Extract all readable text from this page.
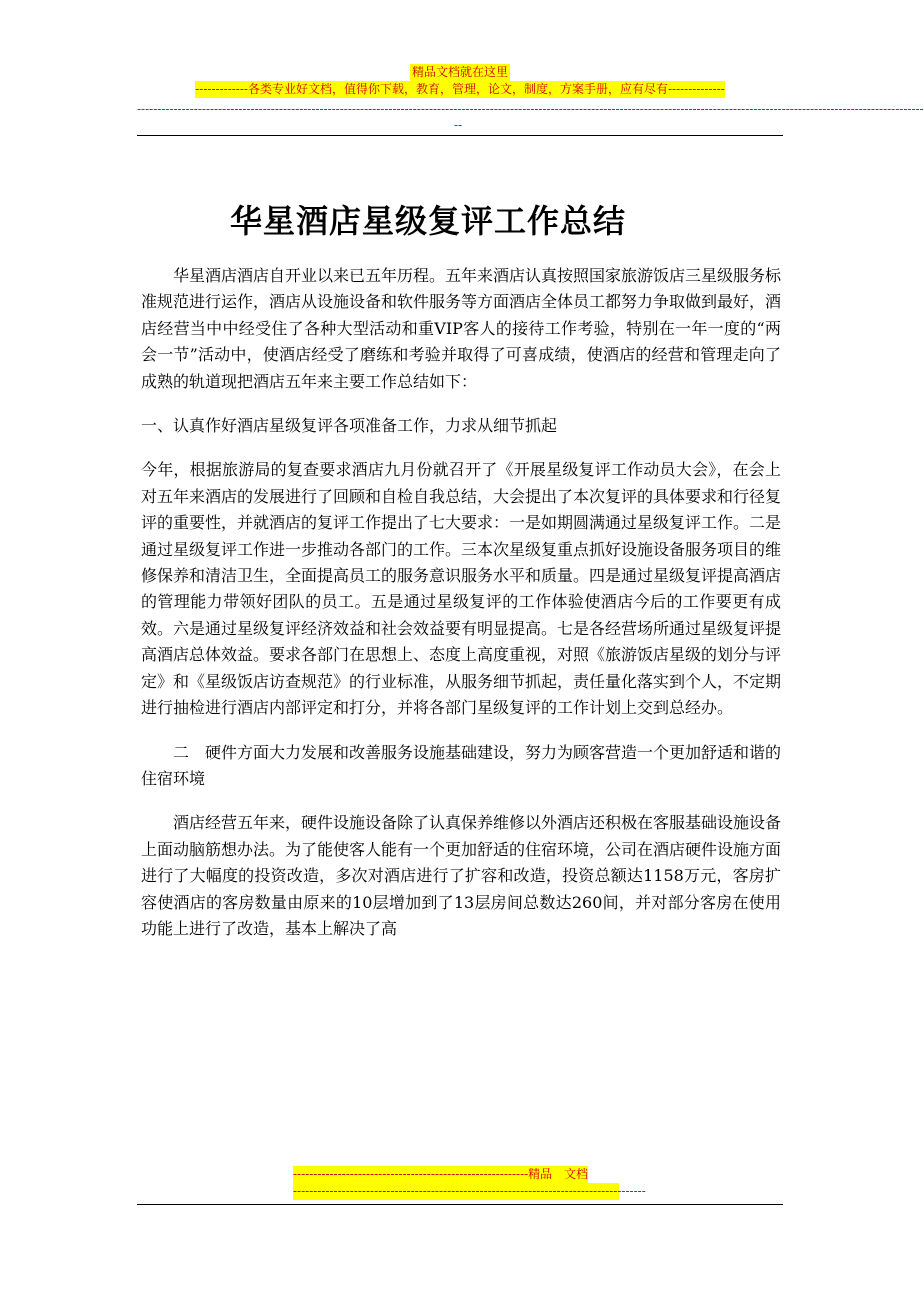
精品文档就在这里
-------------各类专业好文档，值得你下载，教育，管理，论文，制度，方案手册，应有尽有--------------
--------------------------------------------------------------------------------------------------------------------------------------------------------------------------------------------------
--
华星酒店星级复评工作总结

华星酒店酒店自开业以来已五年历程。五年来酒店认真按照国家旅游饭店三星级服务标准规范进行运作，酒店从设施设备和软件服务等方面酒店全体员工都努力争取做到最好，酒店经营当中中经受住了各种大型活动和重VIP客人的接待工作考验，特别在一年一度的“两会一节”活动中，使酒店经受了磨练和考验并取得了可喜成绩，使酒店的经营和管理走向了成熟的轨道现把酒店五年来主要工作总结如下：

一、认真作好酒店星级复评各项准备工作，力求从细节抓起

今年，根据旅游局的复查要求酒店九月份就召开了《开展星级复评工作动员大会》，在会上对五年来酒店的发展进行了回顾和自检自我总结，大会提出了本次复评的具体要求和行径复评的重要性，并就酒店的复评工作提出了七大要求：一是如期圆满通过星级复评工作。二是通过星级复评工作进一步推动各部门的工作。三本次星级复重点抓好设施设备服务项目的维修保养和清洁卫生，全面提高员工的服务意识服务水平和质量。四是通过星级复评提高酒店的管理能力带领好团队的员工。五是通过星级复评的工作体验使酒店今后的工作要更有成效。六是通过星级复评经济效益和社会效益要有明显提高。七是各经营场所通过星级复评提高酒店总体效益。要求各部门在思想上、态度上高度重视，对照《旅游饭店星级的划分与评定》和《星级饭店访查规范》的行业标准，从服务细节抓起，责任量化落实到个人，不定期进行抽检进行酒店内部评定和打分，并将各部门星级复评的工作计划上交到总经办。

二　硬件方面大力发展和改善服务设施基础建设，努力为顾客营造一个更加舒适和谐的住宿环境

酒店经营五年来，硬件设施设备除了认真保养维修以外酒店还积极在客服基础设施设备上面动脑筋想办法。为了能使客人能有一个更加舒适的住宿环境，公司在酒店硬件设施方面进行了大幅度的投资改造，多次对酒店进行了扩容和改造，投资总额达1158万元，客房扩容使酒店的客房数量由原来的10层增加到了13层房间总数达260间，并对部分客房在使用功能上进行了改造，基本上解决了高

----------------------------------------------------------精品　文档
---------------------------------------------------------------------------------------
